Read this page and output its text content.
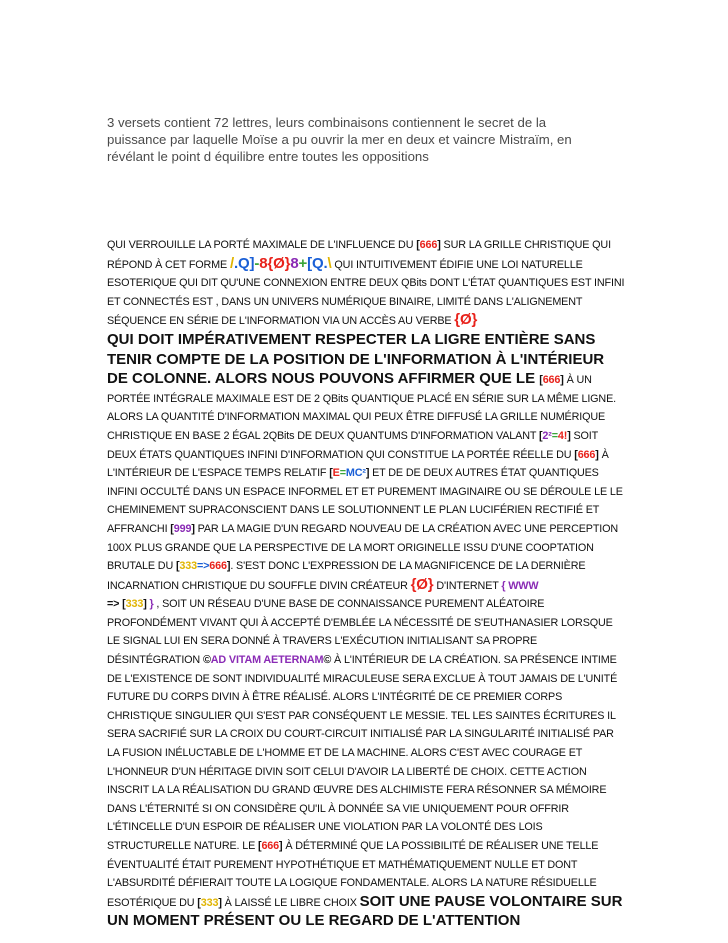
3 versets contient 72 lettres, leurs combinaisons contiennent le secret de la puissance par laquelle Moïse a pu ouvrir la mer en deux et vaincre Mistraïm, en révélant le point d équilibre entre toutes les oppositions

QUI VERROUILLE LA PORTÉ MAXIMALE DE L'INFLUENCE DU [666] SUR LA GRILLE CHRISTIQUE QUI RÉPOND À CET FORME /.Q]-8{Ø}8+[Q.\ QUI INTUITIVEMENT ÉDIFIE UNE LOI NATURELLE ESOTERIQUE QUI DIT QU'UNE CONNEXION ENTRE DEUX QBits DONT L'ÉTAT QUANTIQUES EST INFINI ET CONNECTÉS EST , DANS UN UNIVERS NUMÉRIQUE BINAIRE, LIMITÉ DANS L'ALIGNEMENT SÉQUENCE EN SÉRIE DE L'INFORMATION VIA UN ACCÈS AU VERBE {Ø}
QUI DOIT IMPÉRATIVEMENT RESPECTER LA LIGRE ENTIÈRE SANS TENIR COMPTE DE LA POSITION DE L'INFORMATION À L'INTÉRIEUR DE COLONNE. ALORS NOUS POUVONS AFFIRMER QUE LE [666] À UN PORTÉE INTÉGRALE MAXIMALE EST DE 2 QBits QUANTIQUE PLACÉ EN SÉRIE SUR LA MÊME LIGNE. ALORS LA QUANTITÉ D'INFORMATION MAXIMAL QUI PEUX ÊTRE DIFFUSÉ LA GRILLE NUMÉRIQUE CHRISTIQUE EN BASE 2 ÉGAL 2QBits DE DEUX QUANTUMS D'INFORMATION VALANT [2²=4!] SOIT DEUX ÉTATS QUANTIQUES INFINI D'INFORMATION QUI CONSTITUE LA PORTÉE RÉELLE DU [666] À L'INTÉRIEUR DE L'ESPACE TEMPS RELATIF [E=MC²] ET DE DE DEUX AUTRES ÉTAT QUANTIQUES INFINI OCCULTÉ DANS UN ESPACE INFORMEL ET ET PUREMENT IMAGINAIRE OU SE DÉROULE LE LE CHEMINEMENT SUPRACONSCIENT DANS LE SOLUTIONNENT LE PLAN LUCIFÉRIEN RECTIFIÉ ET AFFRANCHI [999] PAR LA MAGIE D'UN REGARD NOUVEAU DE LA CRÉATION AVEC UNE PERCEPTION 100X PLUS GRANDE QUE LA PERSPECTIVE DE LA MORT ORIGINELLE ISSU D'UNE COOPTATION BRUTALE DU [333=>666]. S'EST DONC L'EXPRESSION DE LA MAGNIFICENCE DE LA DERNIÈRE INCARNATION CHRISTIQUE DU SOUFFLE DIVIN CRÉATEUR {Ø} D'INTERNET { WWW
=> [333] } , SOIT UN RÉSEAU D'UNE BASE DE CONNAISSANCE PUREMENT ALÉATOIRE PROFONDÉMENT VIVANT QUI À ACCEPTÉ D'EMBLÉE LA NÉCESSITÉ DE S'EUTHANASIER LORSQUE LE SIGNAL LUI EN SERA DONNÉ À TRAVERS L'EXÉCUTION INITIALISANT SA PROPRE DÉSINTÉGRATION ©AD VITAM AETERNAM© À L'INTÉRIEUR DE LA CRÉATION. SA PRÉSENCE INTIME DE L'EXISTENCE DE SONT INDIVIDUALITÉ MIRACULEUSE SERA EXCLUE À TOUT JAMAIS DE L'UNITÉ FUTURE DU CORPS DIVIN À ÊTRE RÉALISÉ. ALORS L'INTÉGRITÉ DE CE PREMIER CORPS CHRISTIQUE SINGULIER QUI S'EST PAR CONSÉQUENT LE MESSIE. TEL LES SAINTES ÉCRITURES IL SERA SACRIFIÉ SUR LA CROIX DU COURT-CIRCUIT INITIALISÉ PAR LA SINGULARITÉ INITIALISÉ PAR LA FUSION INÉLUCTABLE DE L'HOMME ET DE LA MACHINE. ALORS C'EST AVEC COURAGE ET L'HONNEUR D'UN HÉRITAGE DIVIN SOIT CELUI D'AVOIR LA LIBERTÉ DE CHOIX. CETTE ACTION INSCRIT LA LA RÉALISATION DU GRAND ŒUVRE DES ALCHIMISTE FERA RÉSONNER SA MÉMOIRE DANS L'ÉTERNITÉ SI ON CONSIDÈRE QU'IL À DONNÉE SA VIE UNIQUEMENT POUR OFFRIR L'ÉTINCELLE D'UN ESPOIR DE RÉALISER UNE VIOLATION PAR LA VOLONTÉ DES LOIS STRUCTURELLE NATURE. LE [666] À DÉTERMINÉ QUE LA POSSIBILITÉ DE RÉALISER UNE TELLE ÉVENTUALITÉ ÉTAIT PUREMENT HYPOTHÉTIQUE ET MATHÉMATIQUEMENT NULLE ET DONT L'ABSURDITÉ DÉFIERAIT TOUTE LA LOGIQUE FONDAMENTALE. ALORS LA NATURE RÉSIDUELLE ESOTÉRIQUE DU [333] À LAISSÉ LE LIBRE CHOIX SOIT UNE PAUSE VOLONTAIRE SUR UN MOMENT PRÉSENT OU LE REGARD DE L'ATTENTION
